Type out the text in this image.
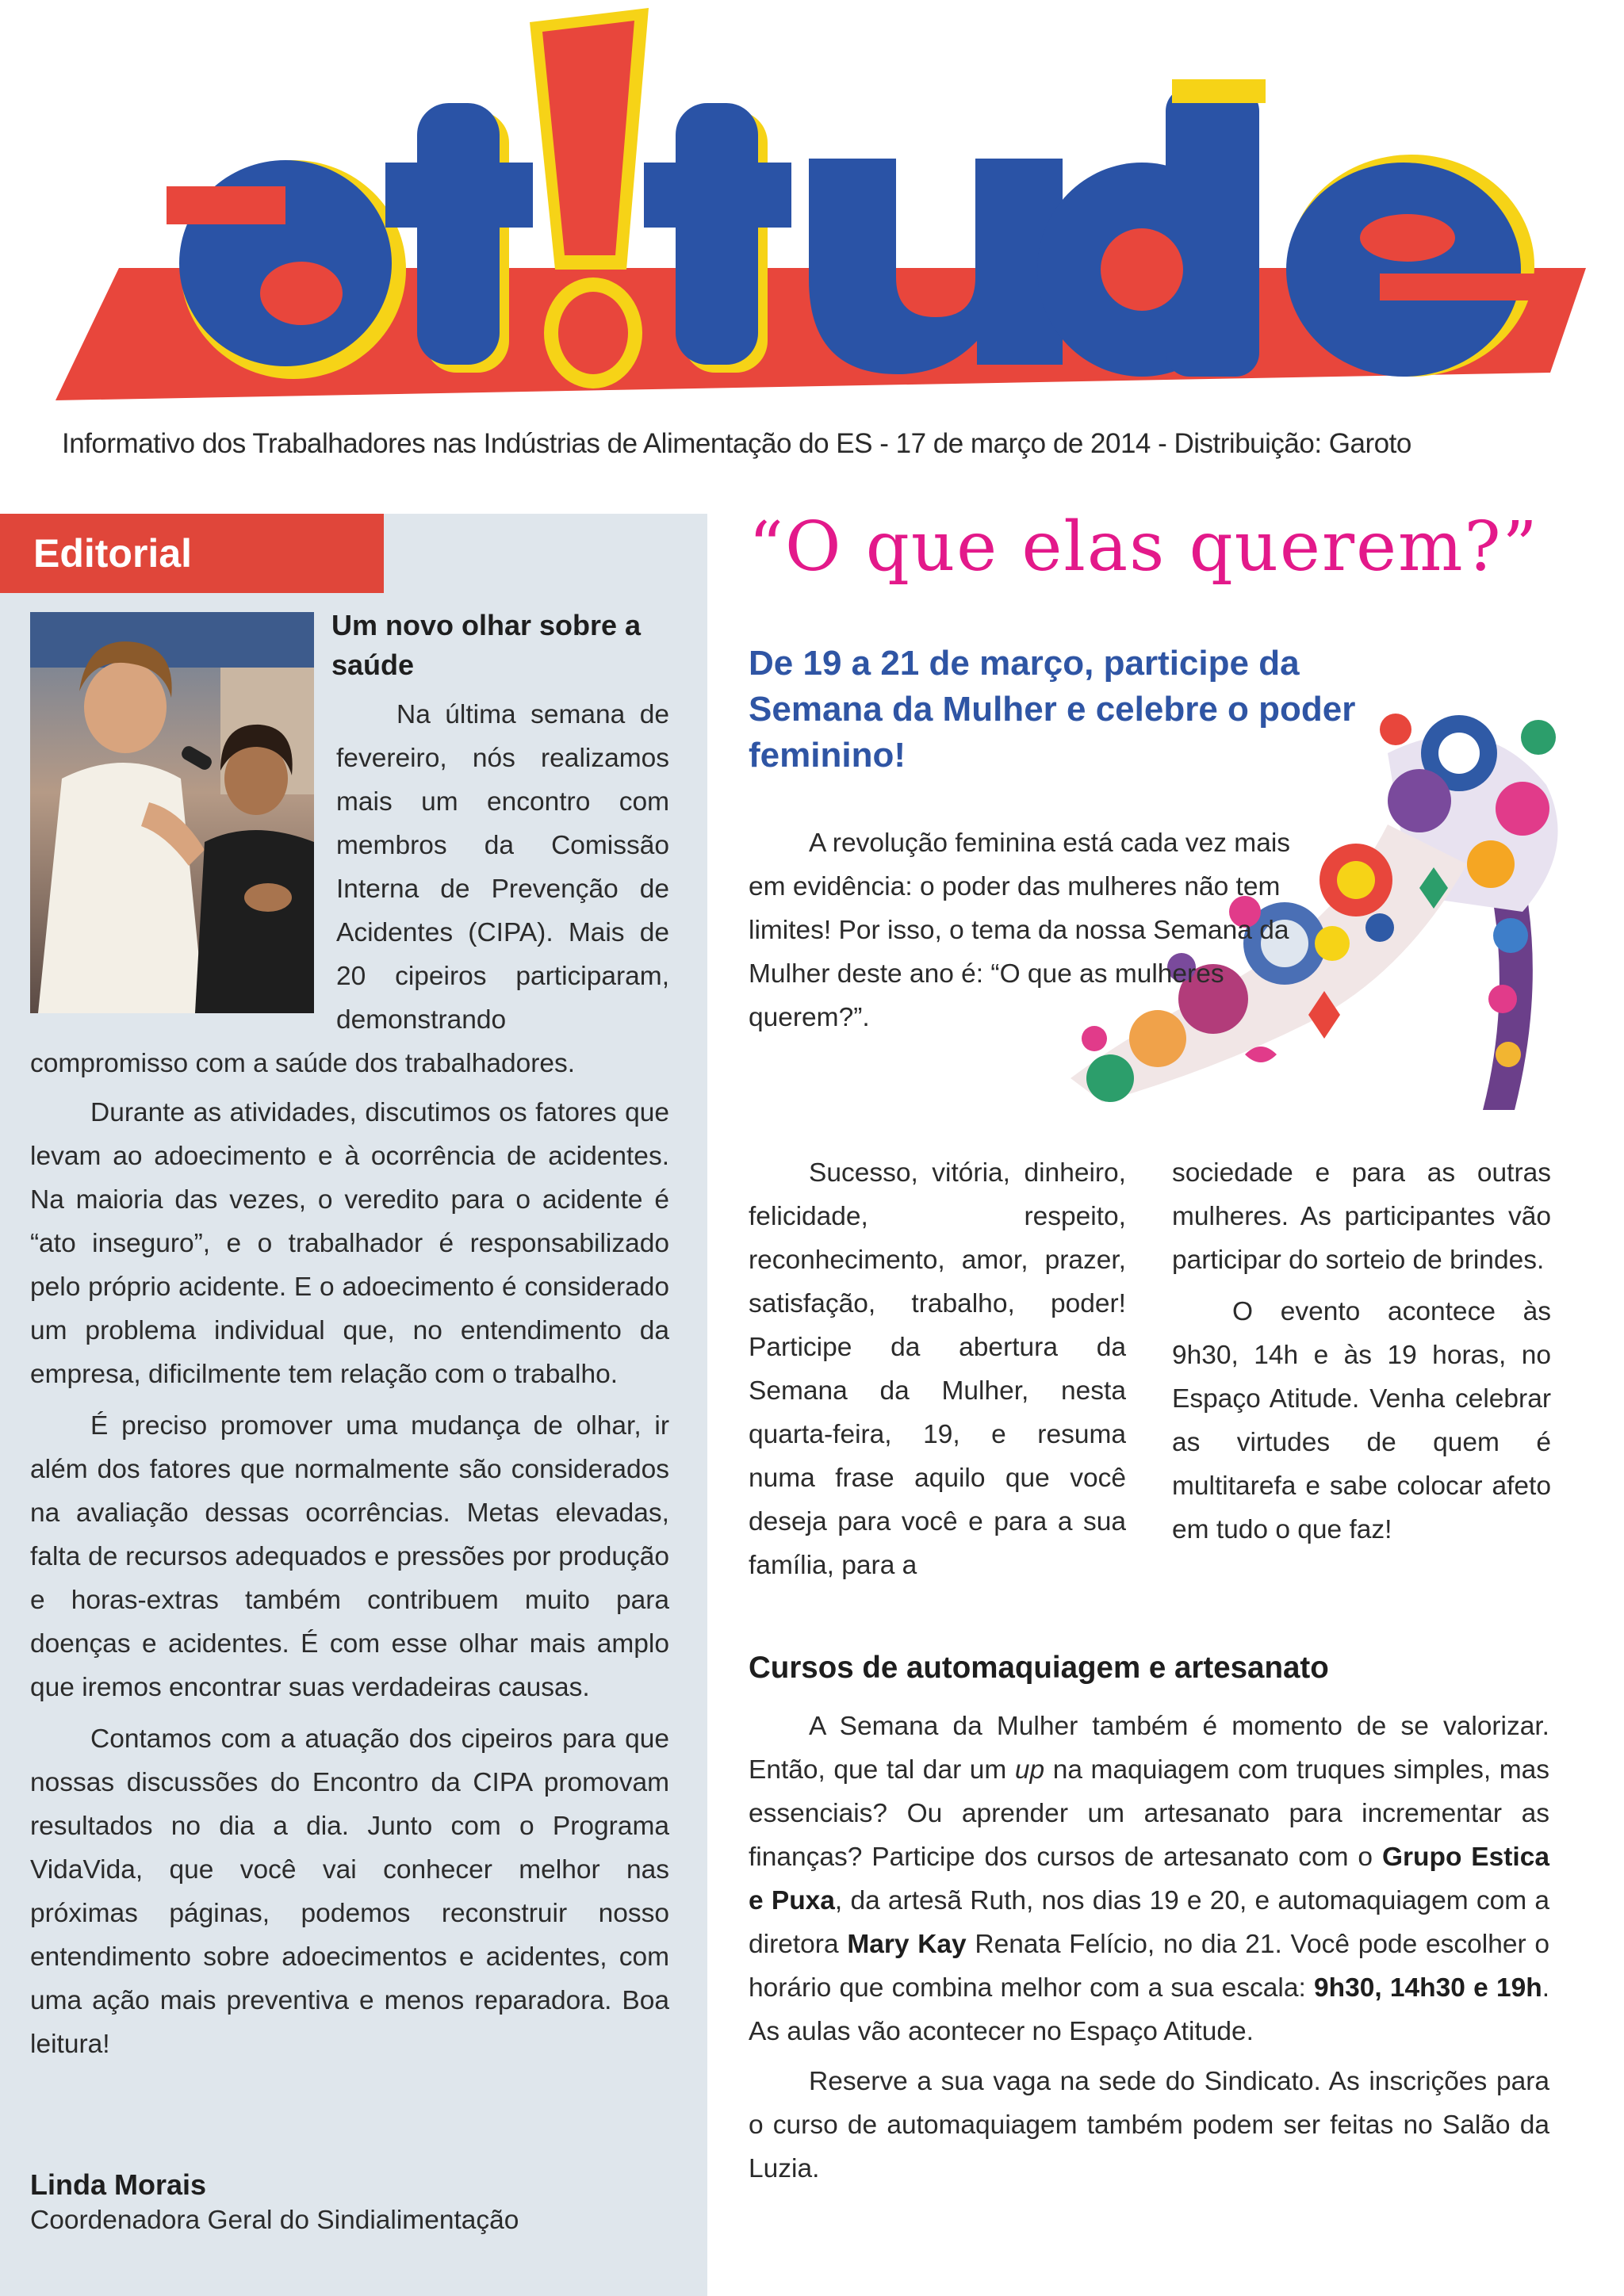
Informativo dos Trabalhadores nas Indústrias de Alimentação do ES - 17 de março de 2014 - Distribuição: Garoto
Editorial
Um novo olhar sobre a saúde

Na última semana de fevereiro, nós realizamos mais um encontro com membros da Comissão Interna de Prevenção de Acidentes (CIPA). Mais de 20 cipeiros participaram, demonstrando

compromisso com a saúde dos trabalhadores.

Durante as atividades, discutimos os fatores que levam ao adoecimento e à ocorrência de acidentes. Na maioria das vezes, o veredito para o acidente é “ato inseguro”, e o trabalhador é responsabilizado pelo próprio acidente. E o adoecimento é considerado um problema individual que, no entendimento da empresa, dificilmente tem relação com o trabalho.

É preciso promover uma mudança de olhar, ir além dos fatores que normalmente são considerados na avaliação dessas ocorrências. Metas elevadas, falta de recursos adequados e pressões por produção e horas-extras também contribuem muito para doenças e acidentes. É com esse olhar mais amplo que iremos encontrar suas verdadeiras causas.

Contamos com a atuação dos cipeiros para que nossas discussões do Encontro da CIPA promovam resultados no dia a dia. Junto com o Programa VidaVida, que você vai conhecer melhor nas próximas páginas, podemos reconstruir nosso entendimento sobre adoecimentos e acidentes, com uma ação mais preventiva e menos reparadora. Boa leitura!

Linda Morais
Coordenadora Geral do Sindialimentação
“O que elas querem?”
De 19 a 21 de março, participe da Semana da Mulher e celebre o poder feminino!

A revolução feminina está cada vez mais em evidência: o poder das mulheres não tem limites! Por isso, o tema da nossa Semana da Mulher deste ano é: “O que as mulheres querem?”.

Sucesso, vitória, dinheiro, felicidade, respeito, reconhecimento, amor, prazer, satisfação, trabalho, poder! Participe da abertura da Semana da Mulher, nesta quarta-feira, 19, e resuma numa frase aquilo que você deseja para você e para a sua família, para a

sociedade e para as outras mulheres. As participantes vão participar do sorteio de brindes.

O evento acontece às 9h30, 14h e às 19 horas, no Espaço Atitude. Venha celebrar as virtudes de quem é multitarefa e sabe colocar afeto em tudo o que faz!

Cursos de automaquiagem e artesanato

A Semana da Mulher também é momento de se valorizar. Então, que tal dar um up na maquiagem com truques simples, mas essenciais? Ou aprender um artesanato para incrementar as finanças? Participe dos cursos de artesanato com o Grupo Estica e Puxa, da artesã Ruth, nos dias 19 e 20, e automaquiagem com a diretora Mary Kay Renata Felício, no dia 21. Você pode escolher o horário que combina melhor com a sua escala: 9h30, 14h30 e 19h. As aulas vão acontecer no Espaço Atitude.

Reserve a sua vaga na sede do Sindicato. As inscrições para o curso de automaquiagem também podem ser feitas no Salão da Luzia.
